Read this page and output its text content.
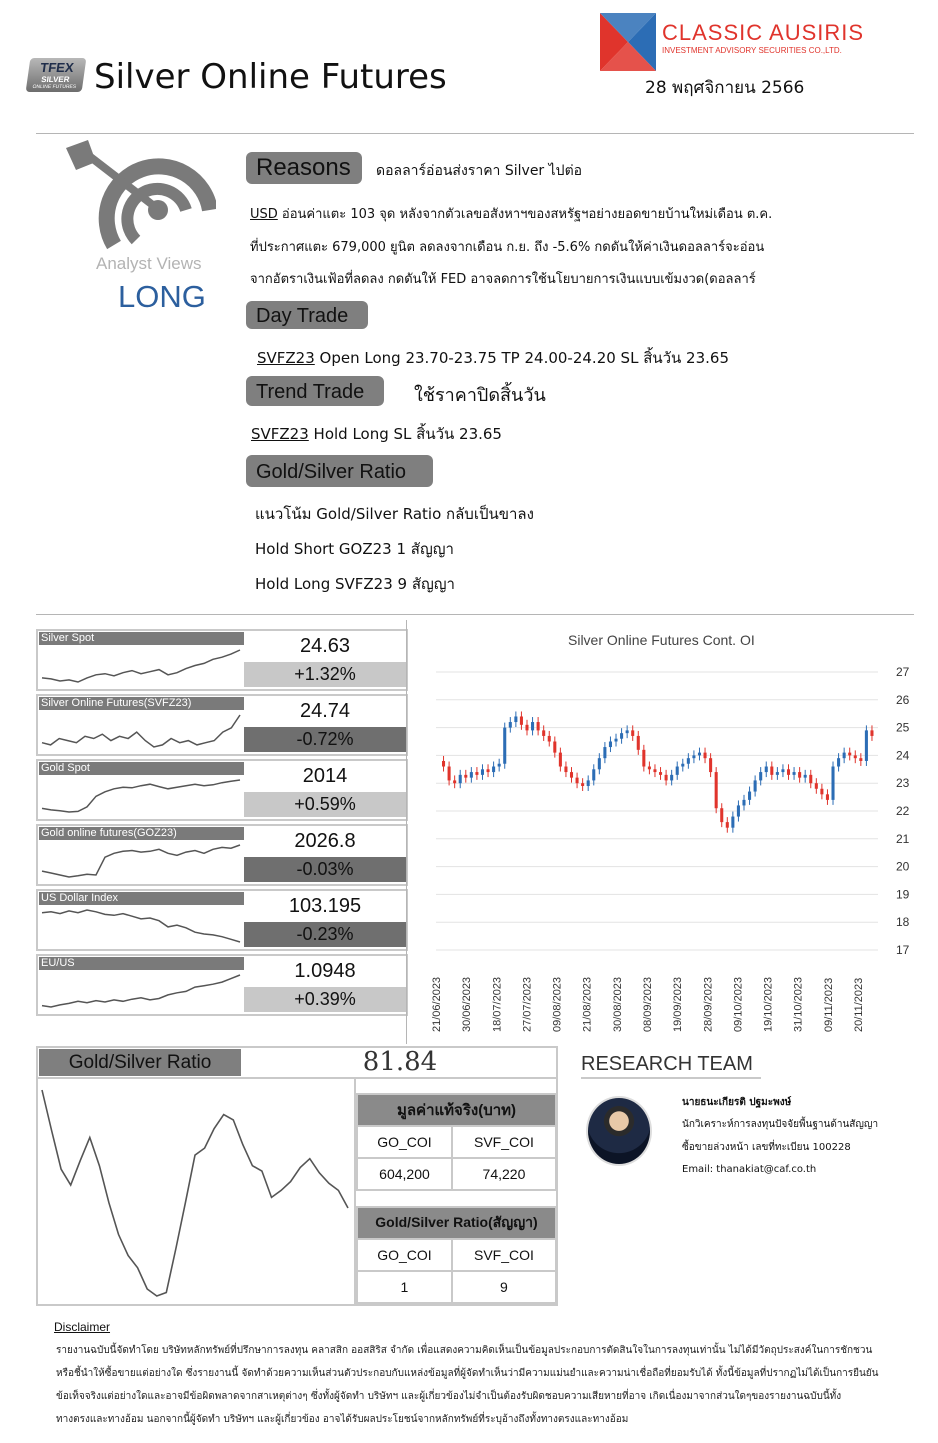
TFEX
SILVER
ONLINE FUTURES Silver Online Futures
CLASSIC AUSIRIS
INVESTMENT ADVISORY SECURITIES CO.,LTD.
28 พฤศจิกายน 2566
Analyst Views
LONG
Reasons	ดอลลาร์อ่อนส่งราคา Silver ไปต่อ
USD อ่อนค่าแตะ 103 จุด หลังจากตัวเลขอสังหาฯของสหรัฐฯอย่างยอดขายบ้านใหม่เดือน ต.ค.
ที่ประกาศแตะ 679,000 ยูนิต ลดลงจากเดือน ก.ย. ถึง -5.6% กดดันให้ค่าเงินดอลลาร์จะอ่อน
จากอัตราเงินเฟ้อที่ลดลง กดดันให้ FED อาจลดการใช้นโยบายการเงินแบบเข้มงวด(ดอลลาร์
Day Trade
SVFZ23 Open Long 23.70-23.75 TP 24.00-24.20 SL สิ้นวัน 23.65
Trend Trade	ใช้ราคาปิดสิ้นวัน
SVFZ23 Hold Long SL สิ้นวัน 23.65
Gold/Silver Ratio
แนวโน้ม Gold/Silver Ratio กลับเป็นขาลง
Hold Short GOZ23 1 สัญญา
Hold Long SVFZ23 9 สัญญา
Silver Spot	24.63
+1.32%
Silver Online Futures(SVFZ23)	24.74
-0.72%
Gold Spot	2014
+0.59%
Gold online futures(GOZ23)	2026.8
-0.03%
US Dollar Index	103.195
-0.23%
EU/US	1.0948
+0.39%
Silver Online Futures Cont. OI
17
18
19
20
21
22
23
24
25
26
27
21/06/2023 30/06/2023 18/07/2023 27/07/2023 09/08/2023 21/08/2023 30/08/2023 08/09/2023 19/09/2023 28/09/2023 09/10/2023 19/10/2023 31/10/2023 09/11/2023 20/11/2023
Gold/Silver Ratio	81.84
มูลค่าแท้จริง(บาท)	
GO_COI	SVF_COI
604,200	74,220
Gold/Silver Ratio(สัญญา)	
GO_COI	SVF_COI
1	9
RESEARCH TEAM
นายธนะเกียรติ ปฐมะพงษ์
นักวิเคราะห์การลงทุนปัจจัยพื้นฐานด้านสัญญา
ซื้อขายล่วงหน้า เลขที่ทะเบียน 100228
Email: thanakiat@caf.co.th
Disclaimer
รายงานฉบับนี้จัดทำโดย บริษัทหลักทรัพย์ที่ปรึกษาการลงทุน คลาสสิก ออสสิริส จำกัด เพื่อแสดงความคิดเห็นเป็นข้อมูลประกอบการตัดสินใจในการลงทุนเท่านั้น ไม่ได้มีวัตถุประสงค์ในการชักชวน
หรือชี้นำให้ซื้อขายแต่อย่างใด ซึ่งรายงานนี้ จัดทำด้วยความเห็นส่วนตัวประกอบกับแหล่งข้อมูลที่ผู้จัดทำเห็นว่ามีความแม่นยำและความน่าเชื่อถือที่ยอมรับได้ ทั้งนี้ข้อมูลที่ปรากฏไม่ได้เป็นการยืนยัน
ข้อเท็จจริงแต่อย่างใดและอาจมีข้อผิดพลาดจากสาเหตุต่างๆ ซึ่งทั้งผู้จัดทำ บริษัทฯ และผู้เกี่ยวข้องไม่จำเป็นต้องรับผิดชอบความเสียหายที่อาจ เกิดเนื่องมาจากส่วนใดๆของรายงานฉบับนี้ทั้ง
ทางตรงและทางอ้อม นอกจากนี้ผู้จัดทำ บริษัทฯ และผู้เกี่ยวข้อง อาจได้รับผลประโยชน์จากหลักทรัพย์ที่ระบุอ้างถึงทั้งทางตรงและทางอ้อม
